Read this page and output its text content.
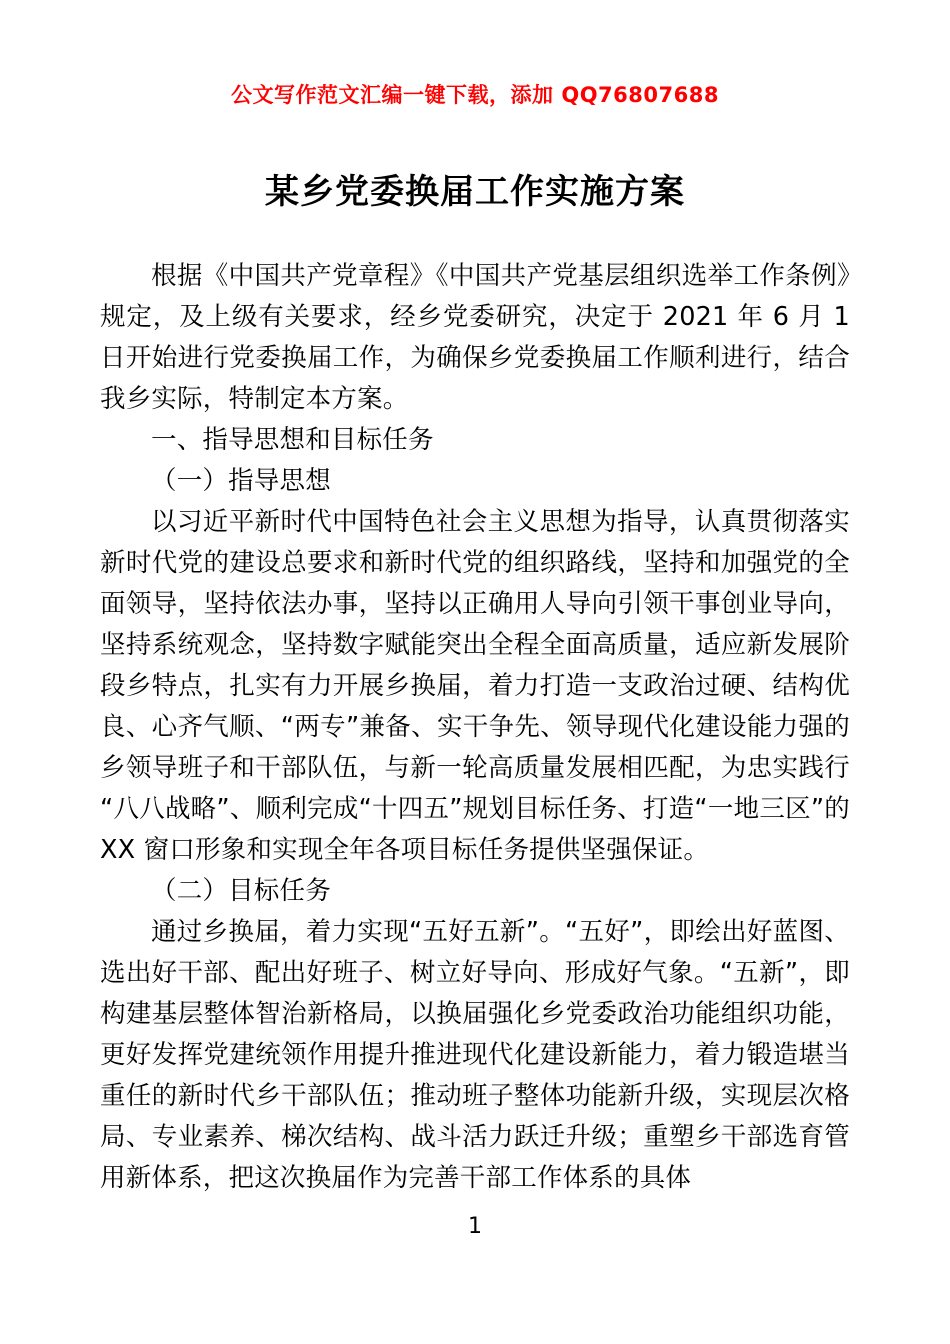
公文写作范文汇编一键下载，添加 QQ76807688
某乡党委换届工作实施方案

根据《中国共产党章程》《中国共产党基层组织选举工作条例》规定，及上级有关要求，经乡党委研究，决定于 2021 年 6 月 1 日开始进行党委换届工作，为确保乡党委换届工作顺利进行，结合我乡实际，特制定本方案。

一、指导思想和目标任务

（一）指导思想

以习近平新时代中国特色社会主义思想为指导，认真贯彻落实新时代党的建设总要求和新时代党的组织路线，坚持和加强党的全面领导，坚持依法办事，坚持以正确用人导向引领干事创业导向，坚持系统观念，坚持数字赋能突出全程全面高质量，适应新发展阶段乡特点，扎实有力开展乡换届，着力打造一支政治过硬、结构优良、心齐气顺、“两专”兼备、实干争先、领导现代化建设能力强的乡领导班子和干部队伍，与新一轮高质量发展相匹配，为忠实践行“八八战略”、顺利完成“十四五”规划目标任务、打造“一地三区”的 XX 窗口形象和实现全年各项目标任务提供坚强保证。

（二）目标任务

通过乡换届，着力实现“五好五新”。“五好”，即绘出好蓝图、选出好干部、配出好班子、树立好导向、形成好气象。“五新”，即构建基层整体智治新格局，以换届强化乡党委政治功能组织功能，更好发挥党建统领作用提升推进现代化建设新能力，着力锻造堪当重任的新时代乡干部队伍；推动班子整体功能新升级，实现层次格局、专业素养、梯次结构、战斗活力跃迁升级；重塑乡干部选育管用新体系，把这次换届作为完善干部工作体系的具体

1
